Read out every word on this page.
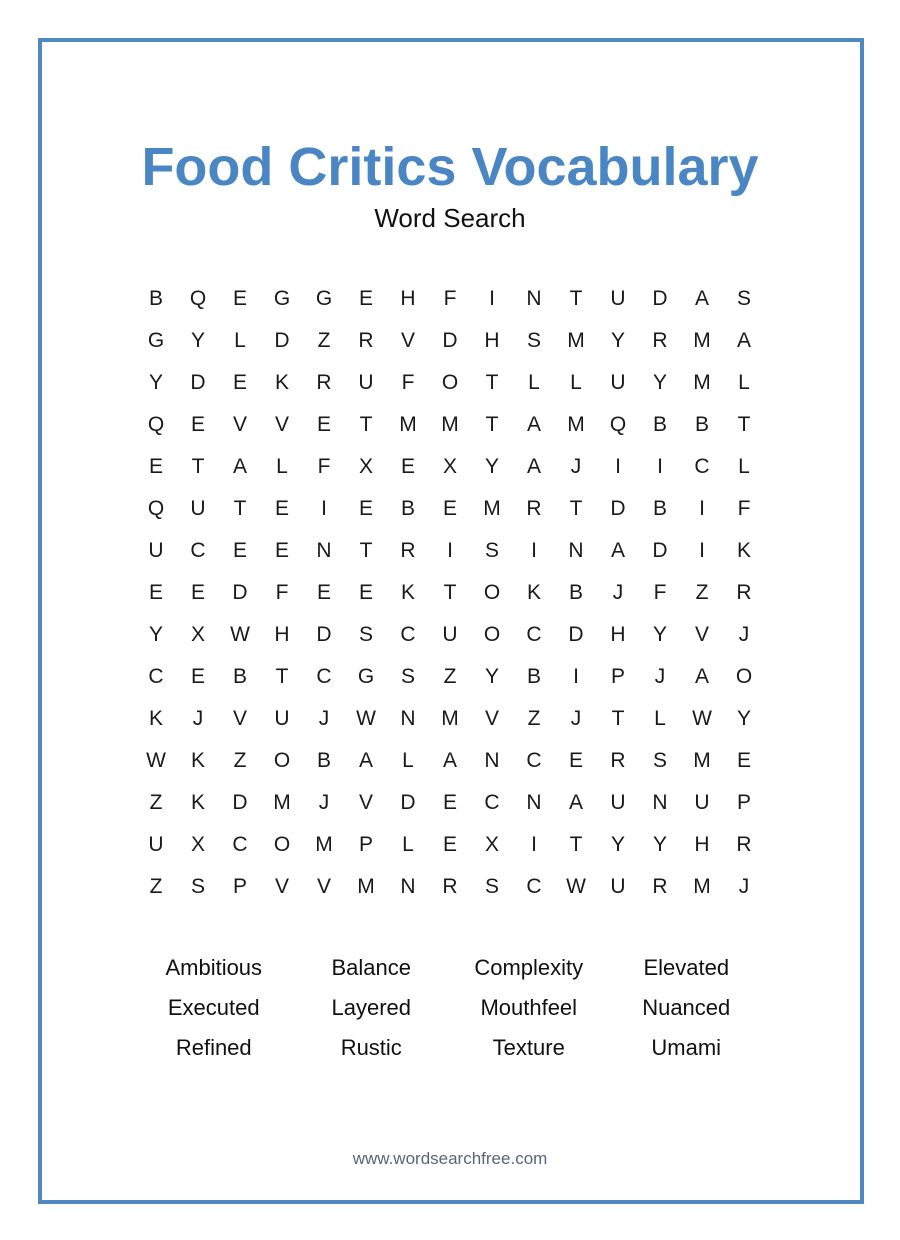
Food Critics Vocabulary
Word Search
B	Q	E	G	G	E	H	F	I	N	T	U	D	A	S
G	Y	L	D	Z	R	V	D	H	S	M	Y	R	M	A
Y	D	E	K	R	U	F	O	T	L	L	U	Y	M	L
Q	E	V	V	E	T	M	M	T	A	M	Q	B	B	T
E	T	A	L	F	X	E	X	Y	A	J	I	I	C	L
Q	U	T	E	I	E	B	E	M	R	T	D	B	I	F
U	C	E	E	N	T	R	I	S	I	N	A	D	I	K
E	E	D	F	E	E	K	T	O	K	B	J	F	Z	R
Y	X	W	H	D	S	C	U	O	C	D	H	Y	V	J
C	E	B	T	C	G	S	Z	Y	B	I	P	J	A	O
K	J	V	U	J	W	N	M	V	Z	J	T	L	W	Y
W	K	Z	O	B	A	L	A	N	C	E	R	S	M	E
Z	K	D	M	J	V	D	E	C	N	A	U	N	U	P
U	X	C	O	M	P	L	E	X	I	T	Y	Y	H	R
Z	S	P	V	V	M	N	R	S	C	W	U	R	M	J
Ambitious	Balance	Complexity	Elevated
Executed	Layered	Mouthfeel	Nuanced
Refined	Rustic	Texture	Umami
www.wordsearchfree.com
